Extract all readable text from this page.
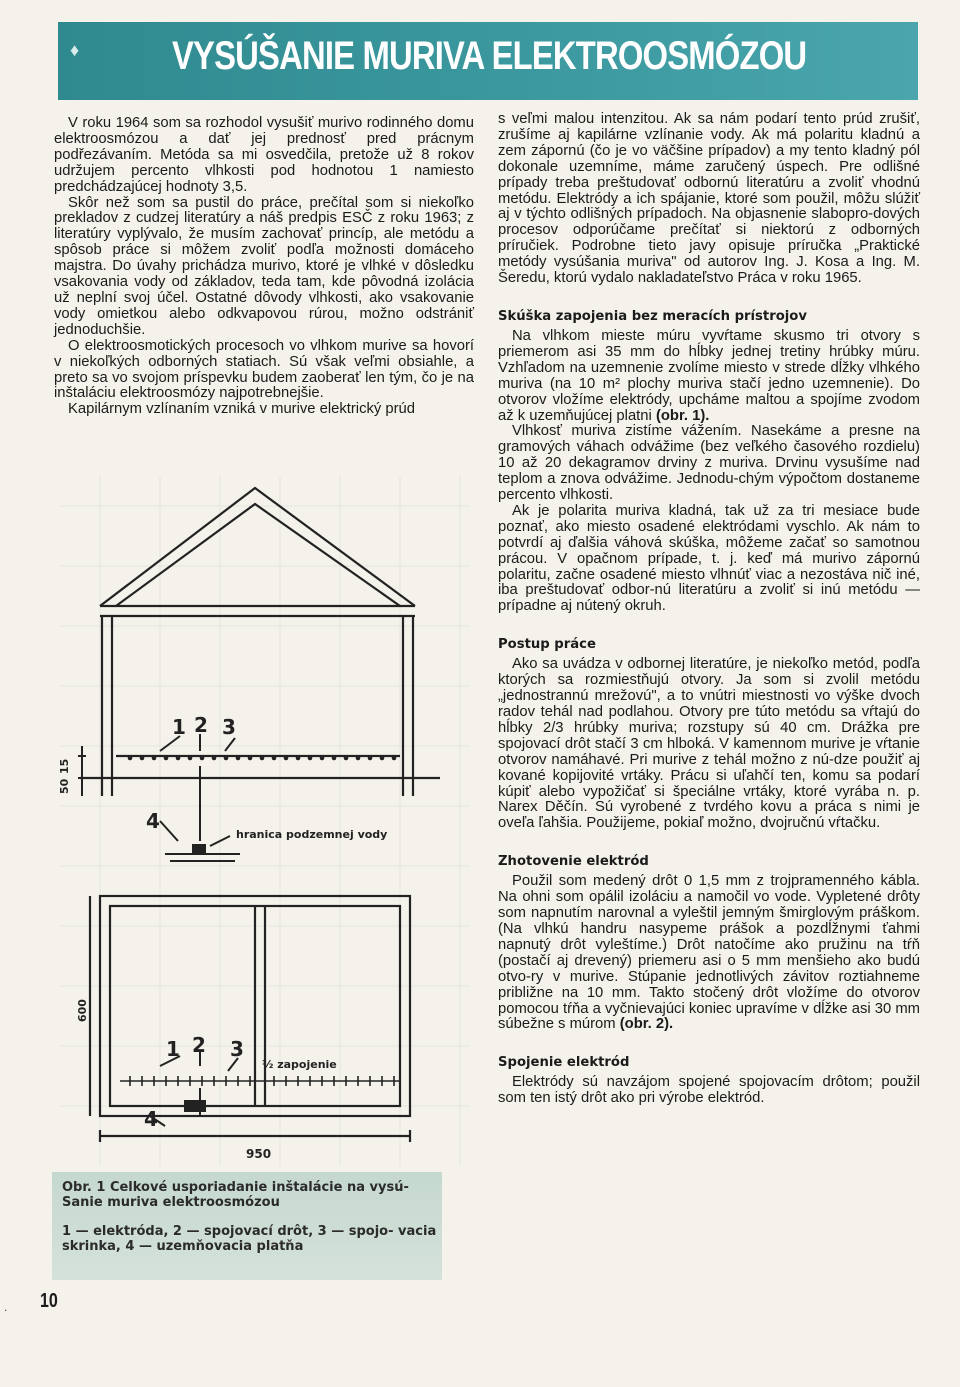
♦	VYSÚŠANIE MURIVA ELEKTROOSMÓZOU

V roku 1964 som sa rozhodol vysušiť murivo rodinného domu elektroosmózou a dať jej prednosť pred prácnym podřezávaním. Metóda sa mi osvedčila, pretože už 8 rokov udržujem percento vlhkosti pod hodnotou 1 namiesto predchádzajúcej hodnoty 3,5.

Skôr než som sa pustil do práce, prečítal som si niekoľko prekladov z cudzej literatúry a náš predpis ESČ z roku 1963; z literatúry vyplývalo, že musím zachovať princíp, ale metódu a spôsob práce si môžem zvoliť podľa možnosti domáceho majstra. Do úvahy prichádza murivo, ktoré je vlhké v dôsledku vsakovania vody od základov, teda tam, kde pôvodná izolácia už neplní svoj účel. Ostatné dôvody vlhkosti, ako vsakovanie vody omietkou alebo odkvapovou rúrou, možno odstrániť jednoduchšie.

O elektroosmotických procesoch vo vlhkom murive sa hovorí v niekoľkých odborných statiach. Sú však veľmi obsiahle, a preto sa vo svojom príspevku budem zaoberať len tým, čo je na inštaláciu elektroosmózy najpotrebnejšie.

Kapilárnym vzlínaním vzniká v murive elektrický prúd

1 2 3
4
15
50
hranica podzemnej vody
1 2 3
4
½ zapojenie
600
950

Obr. 1 Celkové usporiadanie inštalácie na vysú- Sanie muriva elektroosmózou

1 — elektróda, 2 — spojovací drôt, 3 — spojo- vacia skrinka, 4 — uzemňovacia platňa

s veľmi malou intenzitou. Ak sa nám podarí tento prúd zrušiť, zrušíme aj kapilárne vzlínanie vody. Ak má polaritu kladnú a zem zápornú (čo je vo väčšine prípadov) a my tento kladný pól dokonale uzemníme, máme zaručený úspech. Pre odlišné prípady treba preštudovať odbornú literatúru a zvoliť vhodnú metódu. Elektródy a ich spájanie, ktoré som použil, môžu slúžiť aj v týchto odlišných prípadoch. Na objasnenie slabopro-dových procesov odporúčame prečítať si niektorú z odborných príručiek. Podrobne tieto javy opisuje príručka „Praktické metódy vysúšania muriva" od autorov Ing. J. Kosa a Ing. M. Šeredu, ktorú vydalo nakladateľstvo Práca v roku 1965.

Skúška zapojenia bez meracích prístrojov

Na vlhkom mieste múru vyvŕtame skusmo tri otvory s priemerom asi 35 mm do hĺbky jednej tretiny hrúbky múru. Vzhľadom na uzemnenie zvolíme miesto v strede dĺžky vlhkého muriva (na 10 m² plochy muriva stačí jedno uzemnenie). Do otvorov vložíme elektródy, upcháme maltou a spojíme zvodom až k uzemňujúcej platni (obr. 1).

Vlhkosť muriva zistíme vážením. Nasekáme a presne na gramových váhach odvážime (bez veľkého časového rozdielu) 10 až 20 dekagramov drviny z muriva. Drvinu vysušíme nad teplom a znova odvážime. Jednodu-chým výpočtom dostaneme percento vlhkosti.

Ak je polarita muriva kladná, tak už za tri mesiace bude poznať, ako miesto osadené elektródami vyschlo. Ak nám to potvrdí aj ďalšia váhová skúška, môžeme začať so samotnou prácou. V opačnom prípade, t. j. keď má murivo zápornú polaritu, začne osadené miesto vlhnúť viac a nezostáva nič iné, iba preštudovať odbor-nú literatúru a zvoliť si inú metódu — prípadne aj nútený okruh.

Postup práce

Ako sa uvádza v odbornej literatúre, je niekoľko metód, podľa ktorých sa rozmiestňujú otvory. Ja som si zvolil metódu „jednostrannú mrežovú", a to vnútri miestnosti vo výške dvoch radov tehál nad podlahou. Otvory pre túto metódu sa vŕtajú do hĺbky 2/3 hrúbky muriva; rozstupy sú 40 cm. Drážka pre spojovací drôt stačí 3 cm hlboká. V kamennom murive je vŕtanie otvorov namáhavé. Pri murive z tehál možno z nú-dze použiť aj kované kopijovité vrtáky. Prácu si uľahčí ten, komu sa podarí kúpiť alebo vypožičať si špeciálne vrtáky, ktoré vyrába n. p. Narex Děčín. Sú vyrobené z tvrdého kovu a práca s nimi je oveľa ľahšia. Použijeme, pokiaľ možno, dvojručnú vŕtačku.

Zhotovenie elektród

Použil som medený drôt 0 1,5 mm z trojpramenného kábla. Na ohni som opálil izoláciu a namočil vo vode. Vypletené drôty som napnutím narovnal a vyleštil jemným šmirglovým práškom. (Na vlhkú handru nasypeme prášok a pozdĺžnymi ťahmi napnutý drôt vyleštíme.) Drôt natočíme ako pružinu na tŕň (postačí aj drevený) priemeru asi o 5 mm menšieho ako budú otvo-ry v murive. Stúpanie jednotlivých závitov roztiahneme približne na 10 mm. Takto stočený drôt vložíme do otvorov pomocou tŕňa a vyčnievajúci koniec upravíme v dĺžke asi 30 mm súbežne s múrom (obr. 2).

Spojenie elektród

Elektródy sú navzájom spojené spojovacím drôtom; použil som ten istý drôt ako pri výrobe elektród.

. 10
